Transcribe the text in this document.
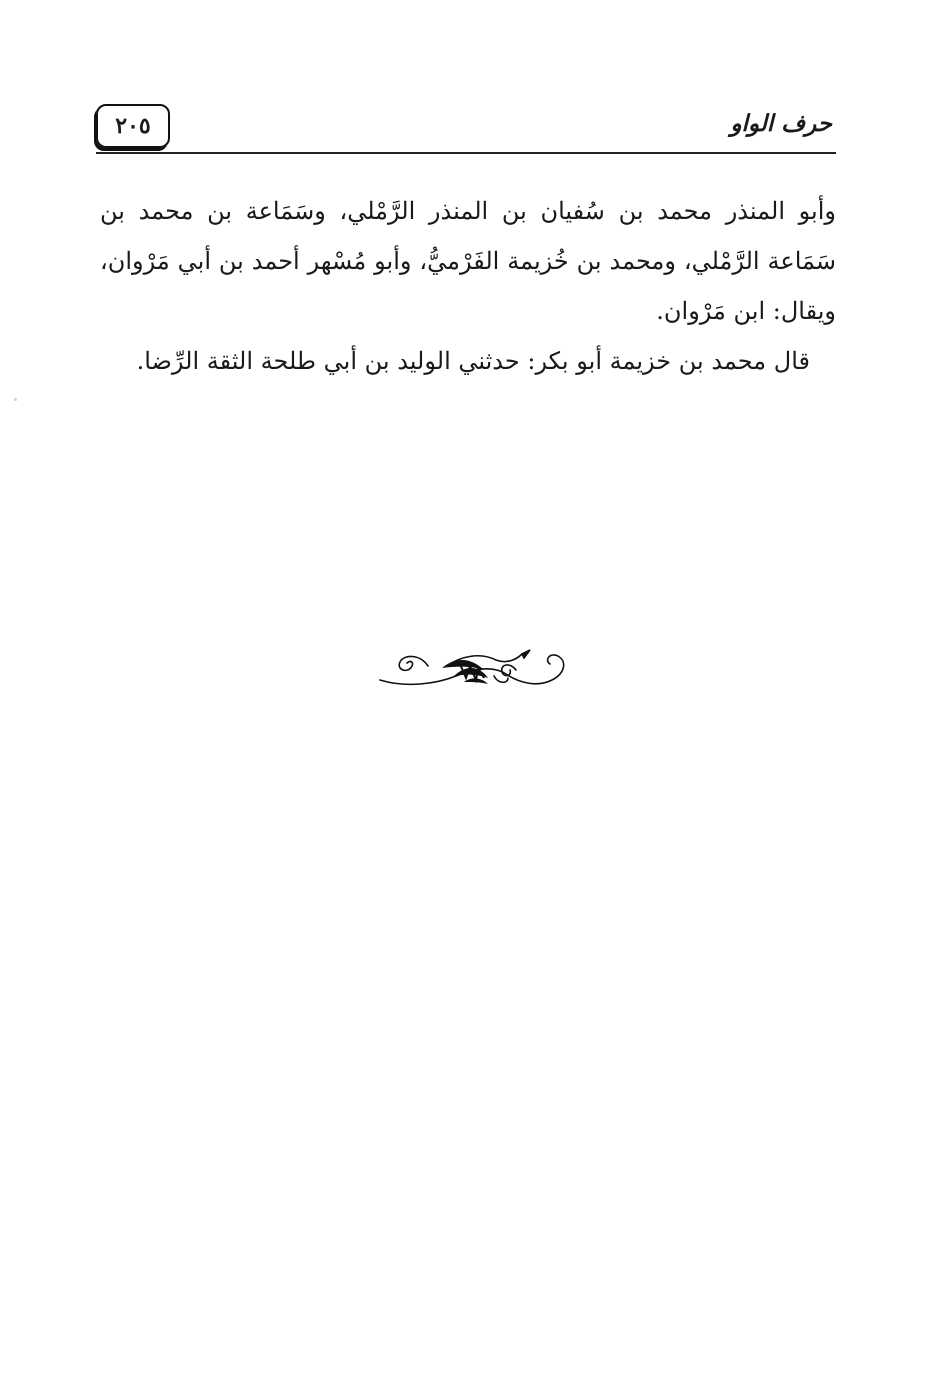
حرف الواو
٢٠٥

وأبو المنذر محمد بن سُفيان بن المنذر الرَّمْلي، وسَمَاعة بن محمد بن سَمَاعة الرَّمْلي، ومحمد بن خُزيمة الفَرْميُّ، وأبو مُسْهر أحمد بن أبي مَرْوان، ويقال: ابن مَرْوان.

قال محمد بن خزيمة أبو بكر: حدثني الوليد بن أبي طلحة الثقة الرِّضا.
